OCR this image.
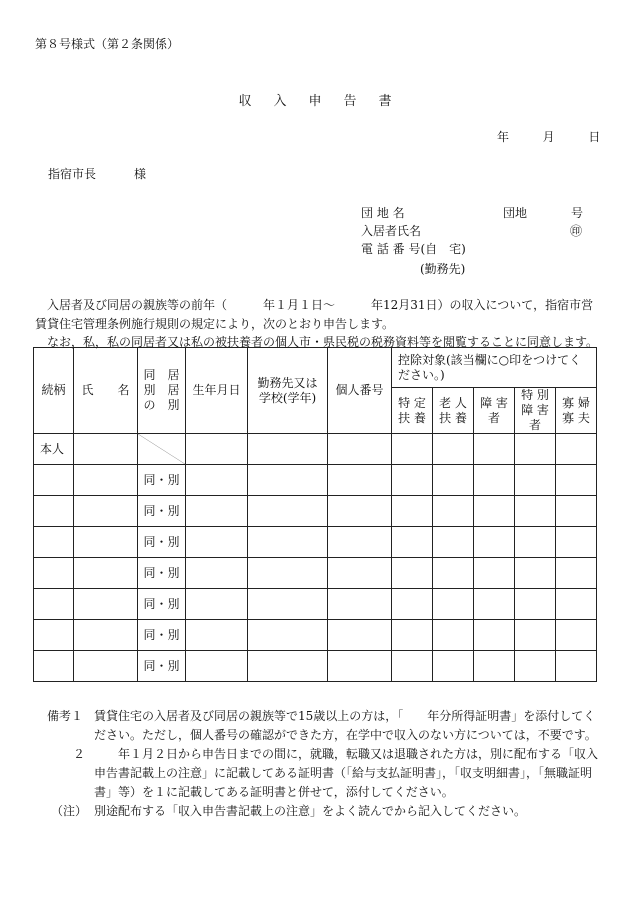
第８号様式（第２条関係）
収入申告書
年	月	日
指宿市長	様
団 地 名	団地	号
入居者氏名	㊞
電 話 番 号(自　宅)
(勤務先)
入居者及び同居の親族等の前年（　　　年１月１日～　　　年12月31日）の収入について，指宿市営賃貸住宅管理条例施行規則の規定により，次のとおり申告します。
なお，私，私の同居者又は私の被扶養者の個人市・県民税の税務資料等を閲覧することに同意します。
続柄	氏　　名	同　居 別　居 の　別	生年月日	勤務先又は学校(学年)	個人番号	控除対象(該当欄に○印をつけてください。)				
						特 定 扶 養	老 人 扶 養	障 害 者	特 別 障 害 者	寡 婦 寡 夫
本人		

		同・別								
		同・別								
		同・別								
		同・別								
		同・別								
		同・別								
		同・別								
備考１ 賃貸住宅の入居者及び同居の親族等で15歳以上の方は，「　　年分所得証明書」を添付してください。ただし，個人番号の確認ができた方，在学中で収入のない方については，不要です。
２ 　　年１月２日から申告日までの間に，就職，転職又は退職された方は，別に配布する「収入申告書記載上の注意」に記載してある証明書（「給与支払証明書」，「収支明細書」，「無職証明書」等）を１に記載してある証明書と併せて，添付してください。
（注） 別途配布する「収入申告書記載上の注意」をよく読んでから記入してください。
